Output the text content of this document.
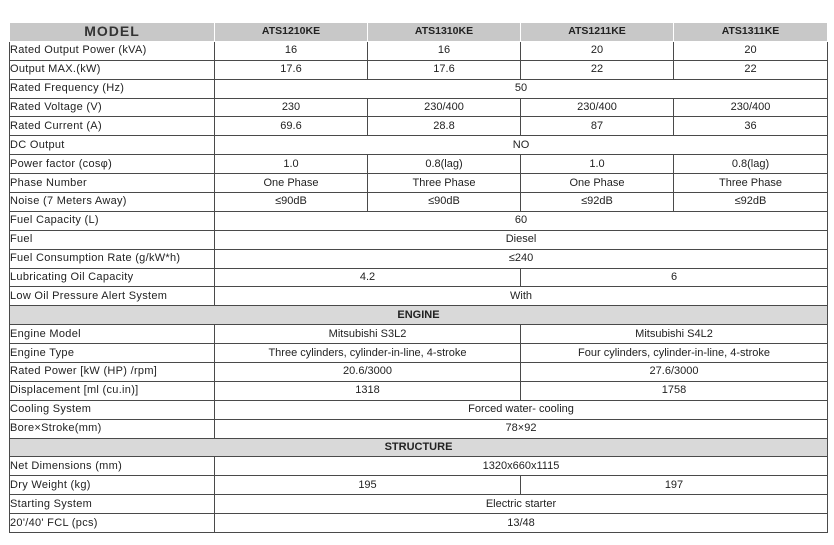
MODEL	ATS1210KE	ATS1310KE	ATS1211KE	ATS1311KE
Rated Output Power (kVA)	16	16	20	20
Output MAX.(kW)	17.6	17.6	22	22
Rated Frequency (Hz)	50			
Rated Voltage (V)	230	230/400	230/400	230/400
Rated Current (A)	69.6	28.8	87	36
DC Output	NO			
Power factor (cosφ)	1.0	0.8(lag)	1.0	0.8(lag)
Phase Number	One Phase	Three Phase	One Phase	Three Phase
Noise (7 Meters Away)	≤90dB	≤90dB	≤92dB	≤92dB
Fuel Capacity (L)	60			
Fuel	Diesel			
Fuel Consumption Rate (g/kW*h)	≤240			
Lubricating Oil Capacity	4.2		6	
Low Oil Pressure Alert System	With			
ENGINE				
Engine Model	Mitsubishi S3L2		Mitsubishi S4L2	
Engine Type	Three cylinders, cylinder-in-line, 4-stroke		Four cylinders, cylinder-in-line, 4-stroke	
Rated Power [kW (HP) /rpm]	20.6/3000		27.6/3000	
Displacement [ml (cu.in)]	1318		1758	
Cooling System	Forced water- cooling			
Bore×Stroke(mm)	78×92			
STRUCTURE				
Net Dimensions (mm)	1320x660x1115			
Dry Weight (kg)	195		197	
Starting System	Electric starter			
20'/40' FCL (pcs)	13/48			
